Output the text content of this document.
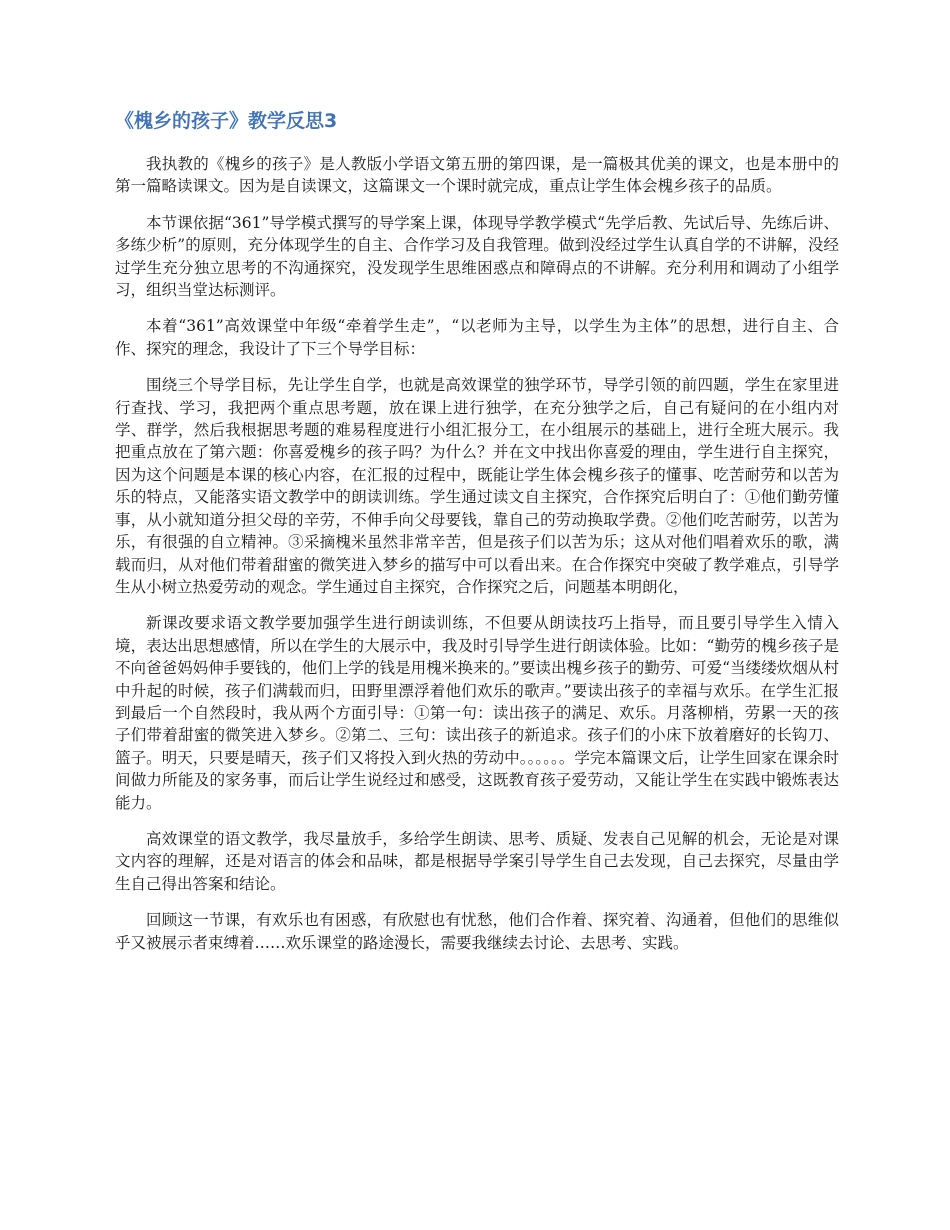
《槐乡的孩子》教学反思3

我执教的《槐乡的孩子》是人教版小学语文第五册的第四课，是一篇极其优美的课文，也是本册中的第一篇略读课文。因为是自读课文，这篇课文一个课时就完成，重点让学生体会槐乡孩子的品质。

本节课依据“361”导学模式撰写的导学案上课，体现导学教学模式“先学后教、先试后导、先练后讲、多练少析”的原则，充分体现学生的自主、合作学习及自我管理。做到没经过学生认真自学的不讲解，没经过学生充分独立思考的不沟通探究，没发现学生思维困惑点和障碍点的不讲解。充分利用和调动了小组学习，组织当堂达标测评。

本着“361”高效课堂中年级“牵着学生走”，“以老师为主导，以学生为主体”的思想，进行自主、合作、探究的理念，我设计了下三个导学目标：

围绕三个导学目标，先让学生自学，也就是高效课堂的独学环节，导学引领的前四题，学生在家里进行查找、学习，我把两个重点思考题，放在课上进行独学，在充分独学之后，自己有疑问的在小组内对学、群学，然后我根据思考题的难易程度进行小组汇报分工，在小组展示的基础上，进行全班大展示。我把重点放在了第六题：你喜爱槐乡的孩子吗？为什么？并在文中找出你喜爱的理由，学生进行自主探究，因为这个问题是本课的核心内容，在汇报的过程中，既能让学生体会槐乡孩子的懂事、吃苦耐劳和以苦为乐的特点，又能落实语文教学中的朗读训练。学生通过读文自主探究，合作探究后明白了：①他们勤劳懂事，从小就知道分担父母的辛劳，不伸手向父母要钱，靠自己的劳动换取学费。②他们吃苦耐劳，以苦为乐，有很强的自立精神。③采摘槐米虽然非常辛苦，但是孩子们以苦为乐；这从对他们唱着欢乐的歌，满载而归，从对他们带着甜蜜的微笑进入梦乡的描写中可以看出来。在合作探究中突破了教学难点，引导学生从小树立热爱劳动的观念。学生通过自主探究，合作探究之后，问题基本明朗化，

新课改要求语文教学要加强学生进行朗读训练，不但要从朗读技巧上指导，而且要引导学生入情入境，表达出思想感情，所以在学生的大展示中，我及时引导学生进行朗读体验。比如：“勤劳的槐乡孩子是不向爸爸妈妈伸手要钱的，他们上学的钱是用槐米换来的。”要读出槐乡孩子的勤劳、可爱“当缕缕炊烟从村中升起的时候，孩子们满载而归，田野里漂浮着他们欢乐的歌声。”要读出孩子的幸福与欢乐。在学生汇报到最后一个自然段时，我从两个方面引导：①第一句：读出孩子的满足、欢乐。月落柳梢，劳累一天的孩子们带着甜蜜的微笑进入梦乡。②第二、三句：读出孩子的新追求。孩子们的小床下放着磨好的长钩刀、篮子。明天，只要是晴天，孩子们又将投入到火热的劳动中。。。。。。学完本篇课文后，让学生回家在课余时间做力所能及的家务事，而后让学生说经过和感受，这既教育孩子爱劳动，又能让学生在实践中锻炼表达能力。

高效课堂的语文教学，我尽量放手，多给学生朗读、思考、质疑、发表自己见解的机会，无论是对课文内容的理解，还是对语言的体会和品味，都是根据导学案引导学生自己去发现，自己去探究，尽量由学生自己得出答案和结论。

回顾这一节课，有欢乐也有困惑，有欣慰也有忧愁，他们合作着、探究着、沟通着，但他们的思维似乎又被展示者束缚着……欢乐课堂的路途漫长，需要我继续去讨论、去思考、实践。
